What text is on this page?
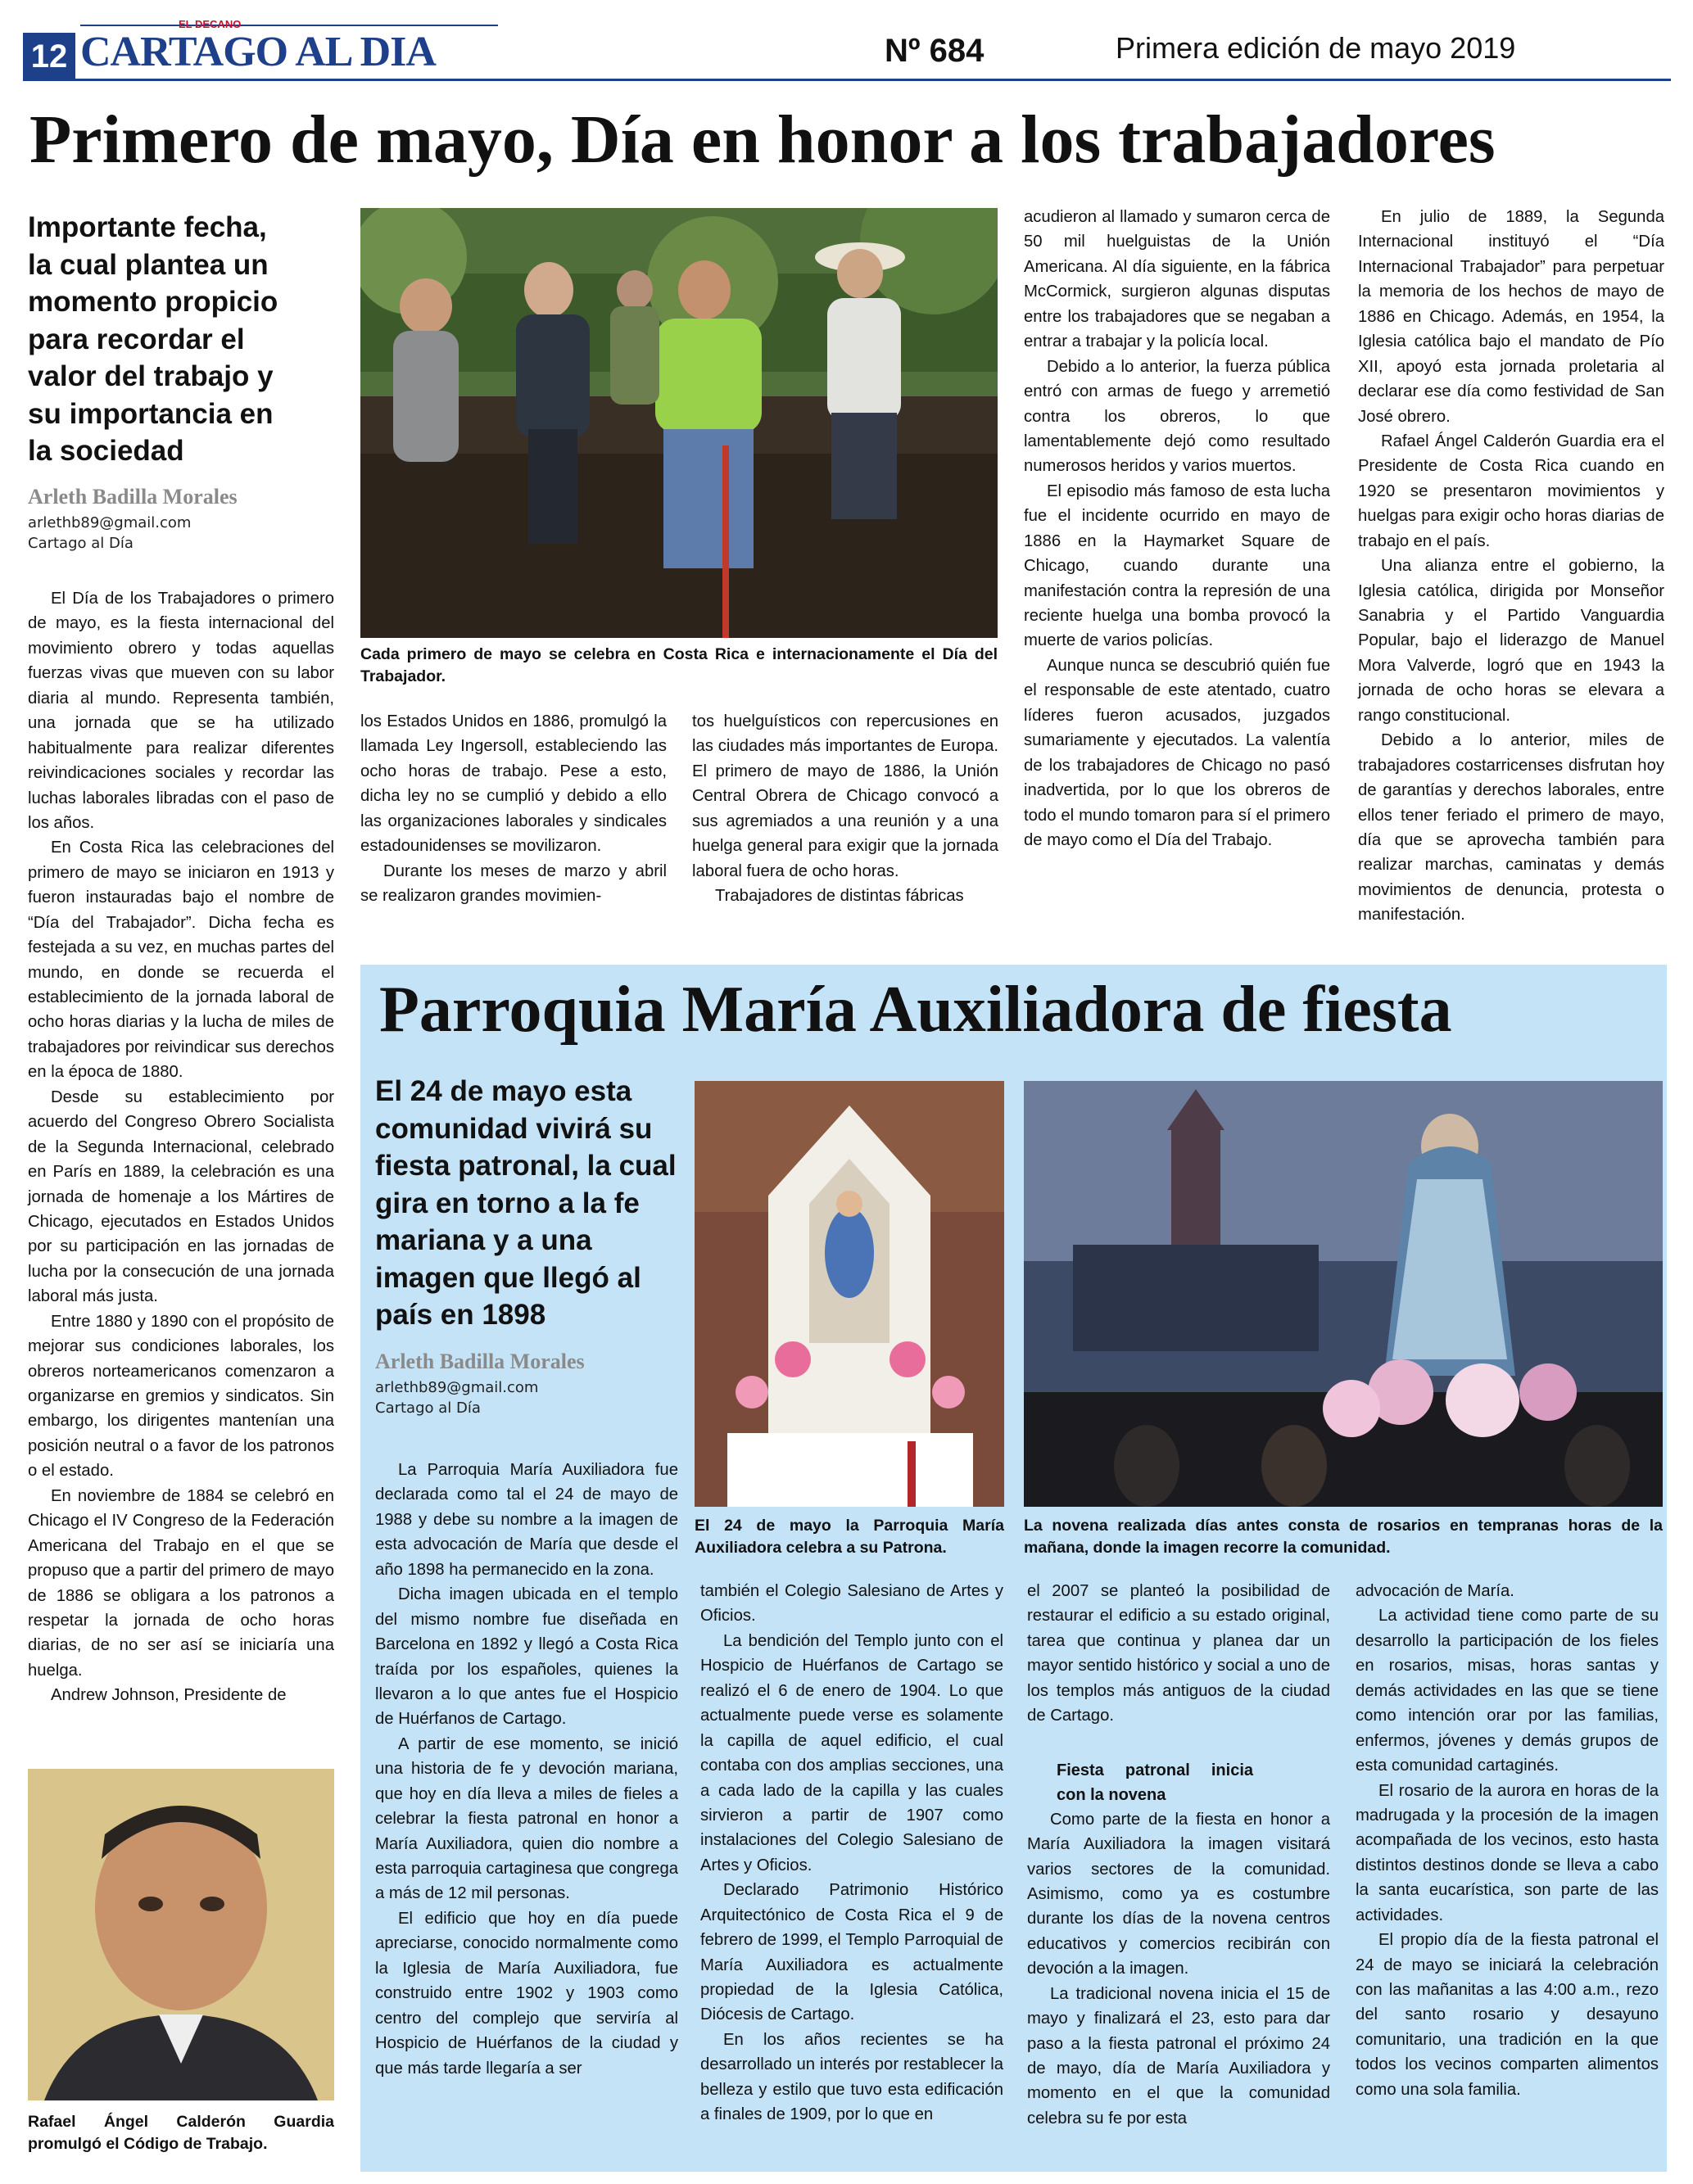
12
EL DECANO
CARTAGO AL DIA	Nº 684	Primera edición de mayo 2019
Primero de mayo, Día en honor a los trabajadores
Importante fecha, la cual plantea un momento propicio para recordar el valor del trabajo y su importancia en la sociedad
Arleth Badilla Morales
arlethb89@gmail.com
Cartago al Día

El Día de los Trabajadores o primero de mayo, es la fiesta internacional del movimiento obrero y todas aquellas fuerzas vivas que mueven con su labor diaria al mundo. Representa también, una jornada que se ha utilizado habitualmente para realizar diferentes reivindicaciones sociales y recordar las luchas laborales libradas con el paso de los años.

En Costa Rica las celebraciones del primero de mayo se iniciaron en 1913 y fueron instauradas bajo el nombre de “Día del Trabajador”. Dicha fecha es festejada a su vez, en muchas partes del mundo, en donde se recuerda el establecimiento de la jornada laboral de ocho horas diarias y la lucha de miles de trabajadores por reivindicar sus derechos en la época de 1880.

Desde su establecimiento por acuerdo del Congreso Obrero Socialista de la Segunda Internacional, celebrado en París en 1889, la celebración es una jornada de homenaje a los Mártires de Chicago, ejecutados en Estados Unidos por su participación en las jornadas de lucha por la consecución de una jornada laboral más justa.

Entre 1880 y 1890 con el propósito de mejorar sus condiciones laborales, los obreros norteamericanos comenzaron a organizarse en gremios y sindicatos. Sin embargo, los dirigentes mantenían una posición neutral o a favor de los patronos o el estado.

En noviembre de 1884 se celebró en Chicago el IV Congreso de la Federación Americana del Trabajo en el que se propuso que a partir del primero de mayo de 1886 se obligara a los patronos a respetar la jornada de ocho horas diarias, de no ser así se iniciaría una huelga.

Andrew Johnson, Presidente de

Cada primero de mayo se celebra en Costa Rica e internacionamente el Día del Trabajador.

los Estados Unidos en 1886, promulgó la llamada Ley Ingersoll, estableciendo las ocho horas de trabajo. Pese a esto, dicha ley no se cumplió y debido a ello las organizaciones laborales y sindicales estadounidenses se movilizaron.

Durante los meses de marzo y abril se realizaron grandes movimien-

tos huelguísticos con repercusiones en las ciudades más importantes de Europa. El primero de mayo de 1886, la Unión Central Obrera de Chicago convocó a sus agremiados a una reunión y a una huelga general para exigir que la jornada laboral fuera de ocho horas.

Trabajadores de distintas fábricas

acudieron al llamado y sumaron cerca de 50 mil huelguistas de la Unión Americana. Al día siguiente, en la fábrica McCormick, surgieron algunas disputas entre los trabajadores que se negaban a entrar a trabajar y la policía local.

Debido a lo anterior, la fuerza pública entró con armas de fuego y arremetió contra los obreros, lo que lamentablemente dejó como resultado numerosos heridos y varios muertos.

El episodio más famoso de esta lucha fue el incidente ocurrido en mayo de 1886 en la Haymarket Square de Chicago, cuando durante una manifestación contra la represión de una reciente huelga una bomba provocó la muerte de varios policías.

Aunque nunca se descubrió quién fue el responsable de este atentado, cuatro líderes fueron acusados, juzgados sumariamente y ejecutados. La valentía de los trabajadores de Chicago no pasó inadvertida, por lo que los obreros de todo el mundo tomaron para sí el primero de mayo como el Día del Trabajo.

En julio de 1889, la Segunda Internacional instituyó el “Día Internacional Trabajador” para perpetuar la memoria de los hechos de mayo de 1886 en Chicago. Además, en 1954, la Iglesia católica bajo el mandato de Pío XII, apoyó esta jornada proletaria al declarar ese día como festividad de San José obrero.

Rafael Ángel Calderón Guardia era el Presidente de Costa Rica cuando en 1920 se presentaron movimientos y huelgas para exigir ocho horas diarias de trabajo en el país.

Una alianza entre el gobierno, la Iglesia católica, dirigida por Monseñor Sanabria y el Partido Vanguardia Popular, bajo el liderazgo de Manuel Mora Valverde, logró que en 1943 la jornada de ocho horas se elevara a rango constitucional.

Debido a lo anterior, miles de trabajadores costarricenses disfrutan hoy de garantías y derechos laborales, entre ellos tener feriado el primero de mayo, día que se aprovecha también para realizar marchas, caminatas y demás movimientos de denuncia, protesta o manifestación.

Rafael Ángel Calderón Guardia promulgó el Código de Trabajo.
Parroquia María Auxiliadora de fiesta
El 24 de mayo esta comunidad vivirá su fiesta patronal, la cual gira en torno a la fe mariana y a una imagen que llegó al país en 1898
Arleth Badilla Morales
arlethb89@gmail.com
Cartago al Día
El 24 de mayo la Parroquia María Auxiliadora celebra a su Patrona.
La novena realizada días antes consta de rosarios en tempranas horas de la mañana, donde la imagen recorre la comunidad.

La Parroquia María Auxiliadora fue declarada como tal el 24 de mayo de 1988 y debe su nombre a la imagen de esta advocación de María que desde el año 1898 ha permanecido en la zona.

Dicha imagen ubicada en el templo del mismo nombre fue diseñada en Barcelona en 1892 y llegó a Costa Rica traída por los españoles, quienes la llevaron a lo que antes fue el Hospicio de Huérfanos de Cartago.

A partir de ese momento, se inició una historia de fe y devoción mariana, que hoy en día lleva a miles de fieles a celebrar la fiesta patronal en honor a María Auxiliadora, quien dio nombre a esta parroquia cartaginesa que congrega a más de 12 mil personas.

El edificio que hoy en día puede apreciarse, conocido normalmente como la Iglesia de María Auxiliadora, fue construido entre 1902 y 1903 como centro del complejo que serviría al Hospicio de Huérfanos de la ciudad y que más tarde llegaría a ser

también el Colegio Salesiano de Artes y Oficios.

La bendición del Templo junto con el Hospicio de Huérfanos de Cartago se realizó el 6 de enero de 1904. Lo que actualmente puede verse es solamente la capilla de aquel edificio, el cual contaba con dos amplias secciones, una a cada lado de la capilla y las cuales sirvieron a partir de 1907 como instalaciones del Colegio Salesiano de Artes y Oficios.

Declarado Patrimonio Histórico Arquitectónico de Costa Rica el 9 de febrero de 1999, el Templo Parroquial de María Auxiliadora es actualmente propiedad de la Iglesia Católica, Diócesis de Cartago.

En los años recientes se ha desarrollado un interés por restablecer la belleza y estilo que tuvo esta edificación a finales de 1909, por lo que en

el 2007 se planteó la posibilidad de restaurar el edificio a su estado original, tarea que continua y planea dar un mayor sentido histórico y social a uno de los templos más antiguos de la ciudad de Cartago.

Fiesta patronal inicia con la novena

Como parte de la fiesta en honor a María Auxiliadora la imagen visitará varios sectores de la comunidad. Asimismo, como ya es costumbre durante los días de la novena centros educativos y comercios recibirán con devoción a la imagen.

La tradicional novena inicia el 15 de mayo y finalizará el 23, esto para dar paso a la fiesta patronal el próximo 24 de mayo, día de María Auxiliadora y momento en el que la comunidad celebra su fe por esta

advocación de María.

La actividad tiene como parte de su desarrollo la participación de los fieles en rosarios, misas, horas santas y demás actividades en las que se tiene como intención orar por las familias, enfermos, jóvenes y demás grupos de esta comunidad cartaginés.

El rosario de la aurora en horas de la madrugada y la procesión de la imagen acompañada de los vecinos, esto hasta distintos destinos donde se lleva a cabo la santa eucarística, son parte de las actividades.

El propio día de la fiesta patronal el 24 de mayo se iniciará la celebración con las mañanitas a las 4:00 a.m., rezo del santo rosario y desayuno comunitario, una tradición en la que todos los vecinos comparten alimentos como una sola familia.
